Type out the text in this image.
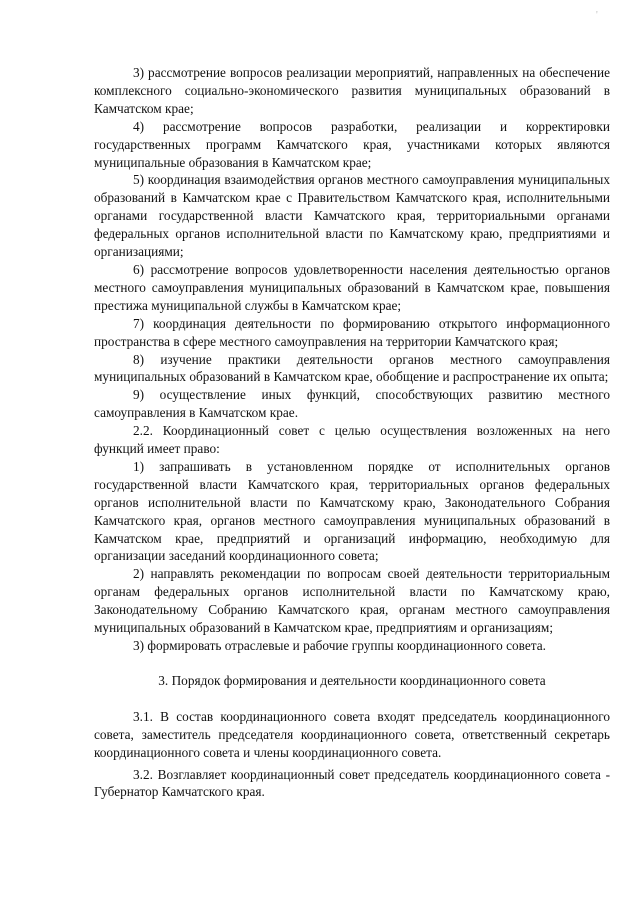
'

3) рассмотрение вопросов реализации мероприятий, направленных на обеспечение комплексного социально-экономического развития муниципальных образований в Камчатском крае;

4) рассмотрение вопросов разработки, реализации и корректировки государственных программ Камчатского края, участниками которых являются муниципальные образования в Камчатском крае;

5) координация взаимодействия органов местного самоуправления муниципальных образований в Камчатском крае с Правительством Камчатского края, исполнительными органами государственной власти Камчатского края, территориальными органами федеральных органов исполнительной власти по Камчатскому краю, предприятиями и организациями;

6) рассмотрение вопросов удовлетворенности населения деятельностью органов местного самоуправления муниципальных образований в Камчатском крае, повышения престижа муниципальной службы в Камчатском крае;

7) координация деятельности по формированию открытого информационного пространства в сфере местного самоуправления на территории Камчатского края;

8) изучение практики деятельности органов местного самоуправления муниципальных образований в Камчатском крае, обобщение и распространение их опыта;

9) осуществление иных функций, способствующих развитию местного самоуправления в Камчатском крае.

2.2. Координационный совет с целью осуществления возложенных на него функций имеет право:

1) запрашивать в установленном порядке от исполнительных органов государственной власти Камчатского края, территориальных органов федеральных органов исполнительной власти по Камчатскому краю, Законодательного Собрания Камчатского края, органов местного самоуправления муниципальных образований в Камчатском крае, предприятий и организаций информацию, необходимую для организации заседаний координационного совета;

2) направлять рекомендации по вопросам своей деятельности территориальным органам федеральных органов исполнительной власти по Камчатскому краю, Законодательному Собранию Камчатского края, органам местного самоуправления муниципальных образований в Камчатском крае, предприятиям и организациям;

3) формировать отраслевые и рабочие группы координационного совета.

3. Порядок формирования и деятельности координационного совета

3.1. В состав координационного совета входят председатель координационного совета, заместитель председателя координационного совета, ответственный секретарь координационного совета и члены координационного совета.

3.2. Возглавляет координационный совет председатель координационного совета - Губернатор Камчатского края.
